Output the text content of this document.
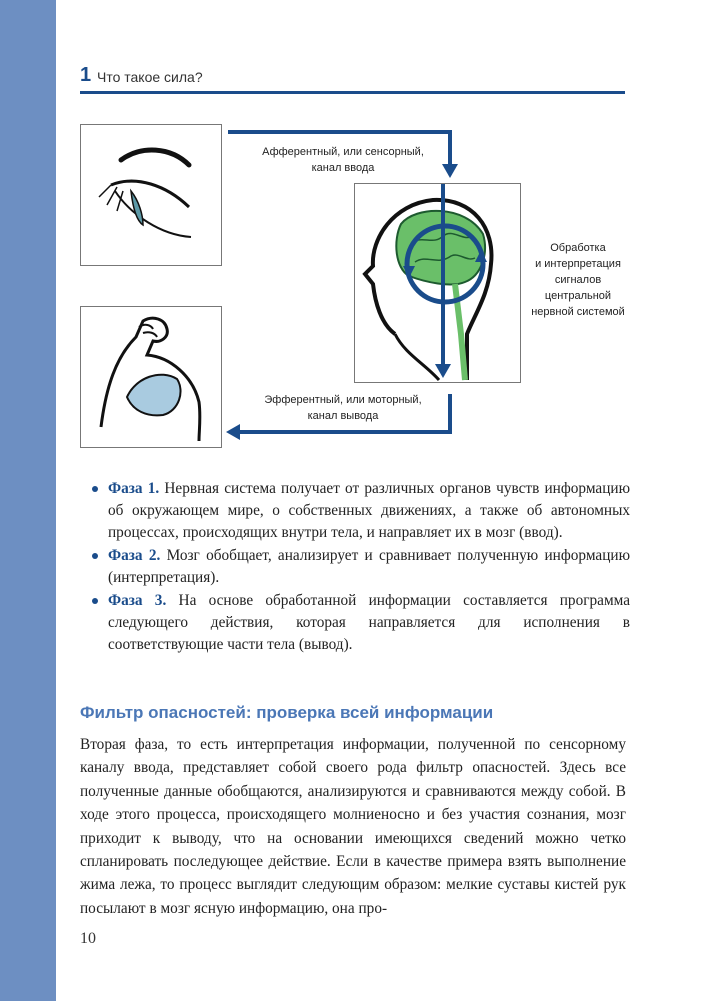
1 Что такое сила?
Афферентный, или сенсорный,
канал ввода
Обработка
и интерпретация
сигналов
центральной
нервной системой
Эфферентный, или моторный,
канал вывода
Фаза 1. Нервная система получает от различных органов чувств информацию об окружающем мире, о собственных движениях, а также об автономных процессах, происходящих внутри тела, и направляет их в мозг (ввод).
Фаза 2. Мозг обобщает, анализирует и сравнивает полученную информацию (интерпретация).
Фаза 3. На основе обработанной информации составляется программа следующего действия, которая направляется для исполнения в соответствующие части тела (вывод).
Фильтр опасностей: проверка всей информации

Вторая фаза, то есть интерпретация информации, полученной по сенсорному каналу ввода, представляет собой своего рода фильтр опасностей. Здесь все полученные данные обобщаются, анализируются и сравниваются между собой. В ходе этого процесса, происходящего молниеносно и без участия сознания, мозг приходит к выводу, что на основании имеющихся сведений можно четко спланировать последующее действие. Если в качестве примера взять выполнение жима лежа, то процесс выглядит следующим образом: мелкие суставы кистей рук посылают в мозг ясную информацию, она про-

10
